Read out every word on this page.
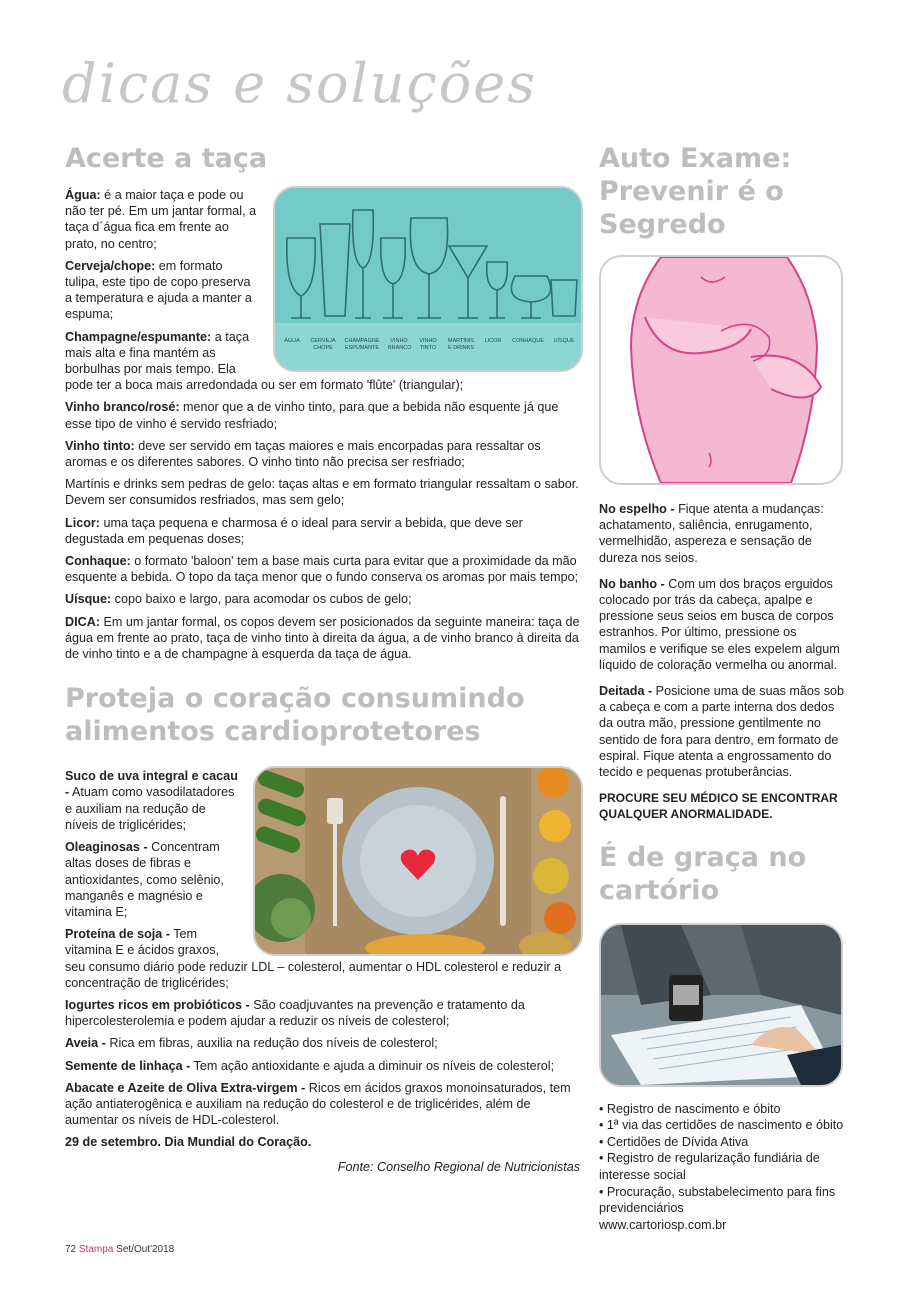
dicas e soluções
Acerte a taça
ÁGUA	CERVEJA CHOPE
CHAMPAGNE ESPUMANTE
VINHO BRANCO
VINHO TINTO
MARTINIS E DRINKS
LICOR	CONHAQUE	UÍSQUE

Água: é a maior taça e pode ou não ter pé. Em um jantar formal, a taça d´água fica em frente ao prato, no centro;

Cerveja/chope: em formato tulipa, este tipo de copo preserva a temperatura e ajuda a manter a espuma;

Champagne/espumante: a taça mais alta e fina mantém as borbulhas por mais tempo. Ela pode ter a boca mais arredondada ou ser em formato 'flûte' (triangular);

Vinho branco/rosé: menor que a de vinho tinto, para que a bebida não esquente já que esse tipo de vinho é servido resfriado;

Vinho tinto: deve ser servido em taças maiores e mais encorpadas para ressaltar os aromas e os diferentes sabores. O vinho tinto não precisa ser resfriado;

Martínis e drinks sem pedras de gelo: taças altas e em formato triangular ressaltam o sabor. Devem ser consumidos resfriados, mas sem gelo;

Licor: uma taça pequena e charmosa é o ideal para servir a bebida, que deve ser degustada em pequenas doses;

Conhaque: o formato 'baloon' tem a base mais curta para evitar que a proximidade da mão esquente a bebida. O topo da taça menor que o fundo conserva os aromas por mais tempo;

Uísque: copo baixo e largo, para acomodar os cubos de gelo;

DICA: Em um jantar formal, os copos devem ser posicionados da seguinte maneira: taça de água em frente ao prato, taça de vinho tinto à direita da água, a de vinho branco à direita da de vinho tinto e a de champagne à esquerda da taça de água.

Proteja o coração consumindo alimentos cardioprotetores

Suco de uva integral e cacau - Atuam como vasodilatadores e auxiliam na redução de níveis de triglicérides;

Oleaginosas - Concentram altas doses de fibras e antioxidantes, como selênio, manganês e magnésio e vitamina E;

Proteína de soja - Tem vitamina E e ácidos graxos, seu consumo diário pode reduzir LDL – colesterol, aumentar o HDL colesterol e reduzir a concentração de triglicérides;

Iogurtes ricos em probióticos - São coadjuvantes na prevenção e tratamento da hipercolesterolemia e podem ajudar a reduzir os níveis de colesterol;

Aveia - Rica em fibras, auxilia na redução dos níveis de colesterol;

Semente de linhaça - Tem ação antioxidante e ajuda a diminuir os níveis de colesterol;

Abacate e Azeite de Oliva Extra-virgem - Ricos em ácidos graxos monoinsaturados, tem ação antiaterogênica e auxiliam na redução do colesterol e de triglicérides, além de aumentar os níveis de HDL-colesterol.

29 de setembro. Dia Mundial do Coração.

Fonte: Conselho Regional de Nutricionistas

Auto Exame: Prevenir é o Segredo

No espelho - Fique atenta a mudanças: achatamento, saliência, enrugamento, vermelhidão, aspereza e sensação de dureza nos seios.

No banho - Com um dos braços erguidos colocado por trás da cabeça, apalpe e pressione seus seios em busca de corpos estranhos. Por último, pressione os mamilos e verifique se eles expelem algum líquido de coloração vermelha ou anormal.

Deitada - Posicione uma de suas mãos sob a cabeça e com a parte interna dos dedos da outra mão, pressione gentilmente no sentido de fora para dentro, em formato de espiral. Fique atenta a engrossamento do tecido e pequenas protuberâncias.

PROCURE SEU MÉDICO SE ENCONTRAR QUALQUER ANORMALIDADE.

É de graça no cartório

• Registro de nascimento e óbito

• 1ª via das certidões de nascimento e óbito

• Certidões de Dívida Ativa

• Registro de regularização fundiária de interesse social

• Procuração, substabelecimento para fins previdenciários

www.cartoriosp.com.br

72 Stampa Set/Out'2018
